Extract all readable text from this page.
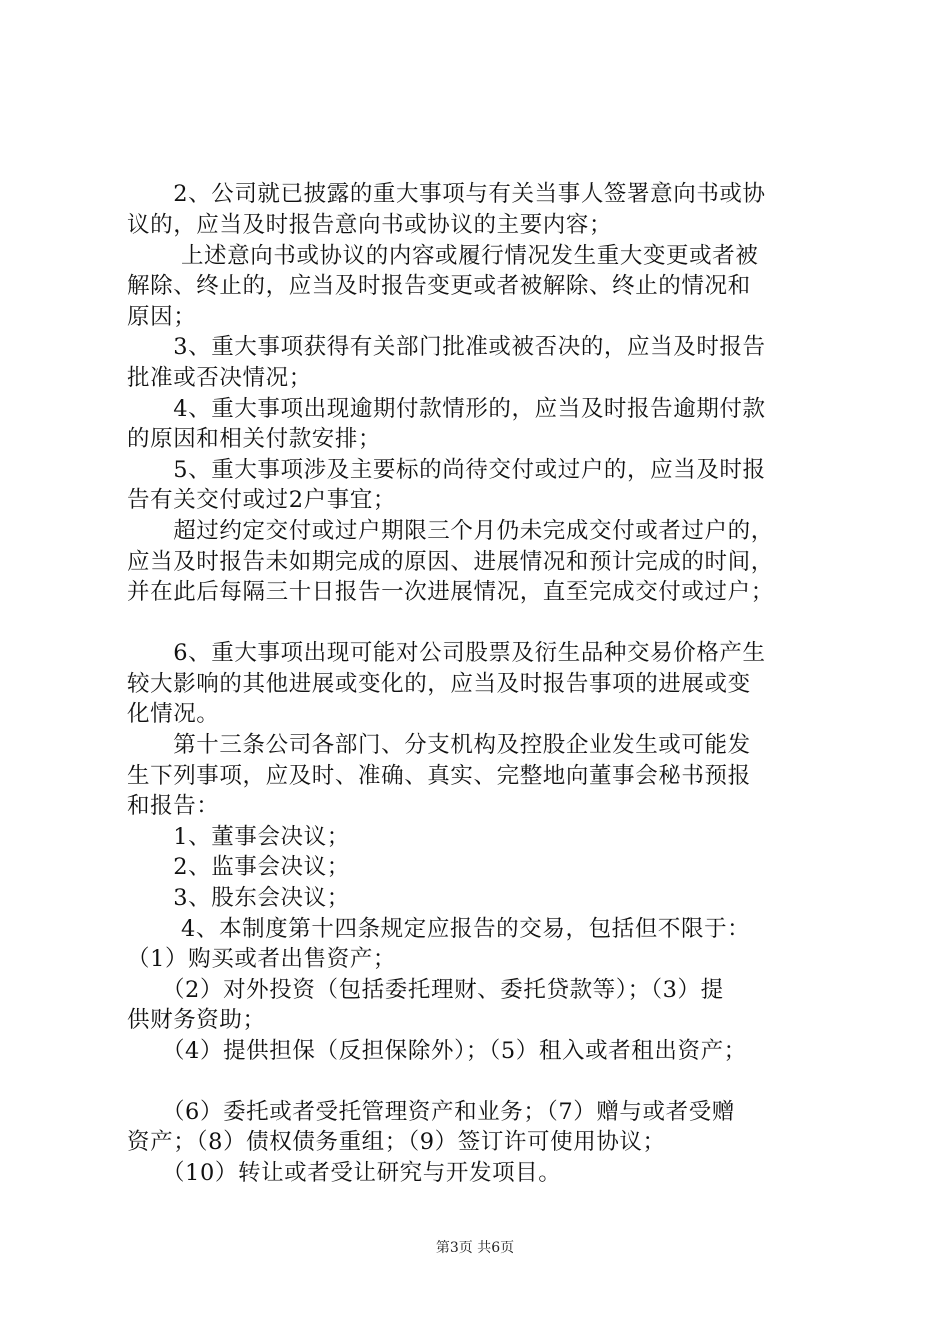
　　2、公司就已披露的重大事项与有关当事人签署意向书或协
议的，应当及时报告意向书或协议的主要内容；
　　 上述意向书或协议的内容或履行情况发生重大变更或者被
解除、终止的，应当及时报告变更或者被解除、终止的情况和
原因；
　　3、重大事项获得有关部门批准或被否决的，应当及时报告
批准或否决情况；
　　4、重大事项出现逾期付款情形的，应当及时报告逾期付款
的原因和相关付款安排；
　　5、重大事项涉及主要标的尚待交付或过户的，应当及时报
告有关交付或过2户事宜；
　　超过约定交付或过户期限三个月仍未完成交付或者过户的，
应当及时报告未如期完成的原因、进展情况和预计完成的时间，
并在此后每隔三十日报告一次进展情况，直至完成交付或过户；
　　6、重大事项出现可能对公司股票及衍生品种交易价格产生
较大影响的其他进展或变化的，应当及时报告事项的进展或变
化情况。
　　第十三条公司各部门、分支机构及控股企业发生或可能发
生下列事项，应及时、准确、真实、完整地向董事会秘书预报
和报告：
　　1、董事会决议；
　　2、监事会决议；
　　3、股东会决议；
　　 4、本制度第十四条规定应报告的交易，包括但不限于：
（1）购买或者出售资产；
　　（2）对外投资（包括委托理财、委托贷款等）；（3）提
供财务资助；
　　（4）提供担保（反担保除外）；（5）租入或者租出资产；
　　（6）委托或者受托管理资产和业务；（7）赠与或者受赠
资产；（8）债权债务重组；（9）签订许可使用协议；
　　（10）转让或者受让研究与开发项目。
第3页 共6页
